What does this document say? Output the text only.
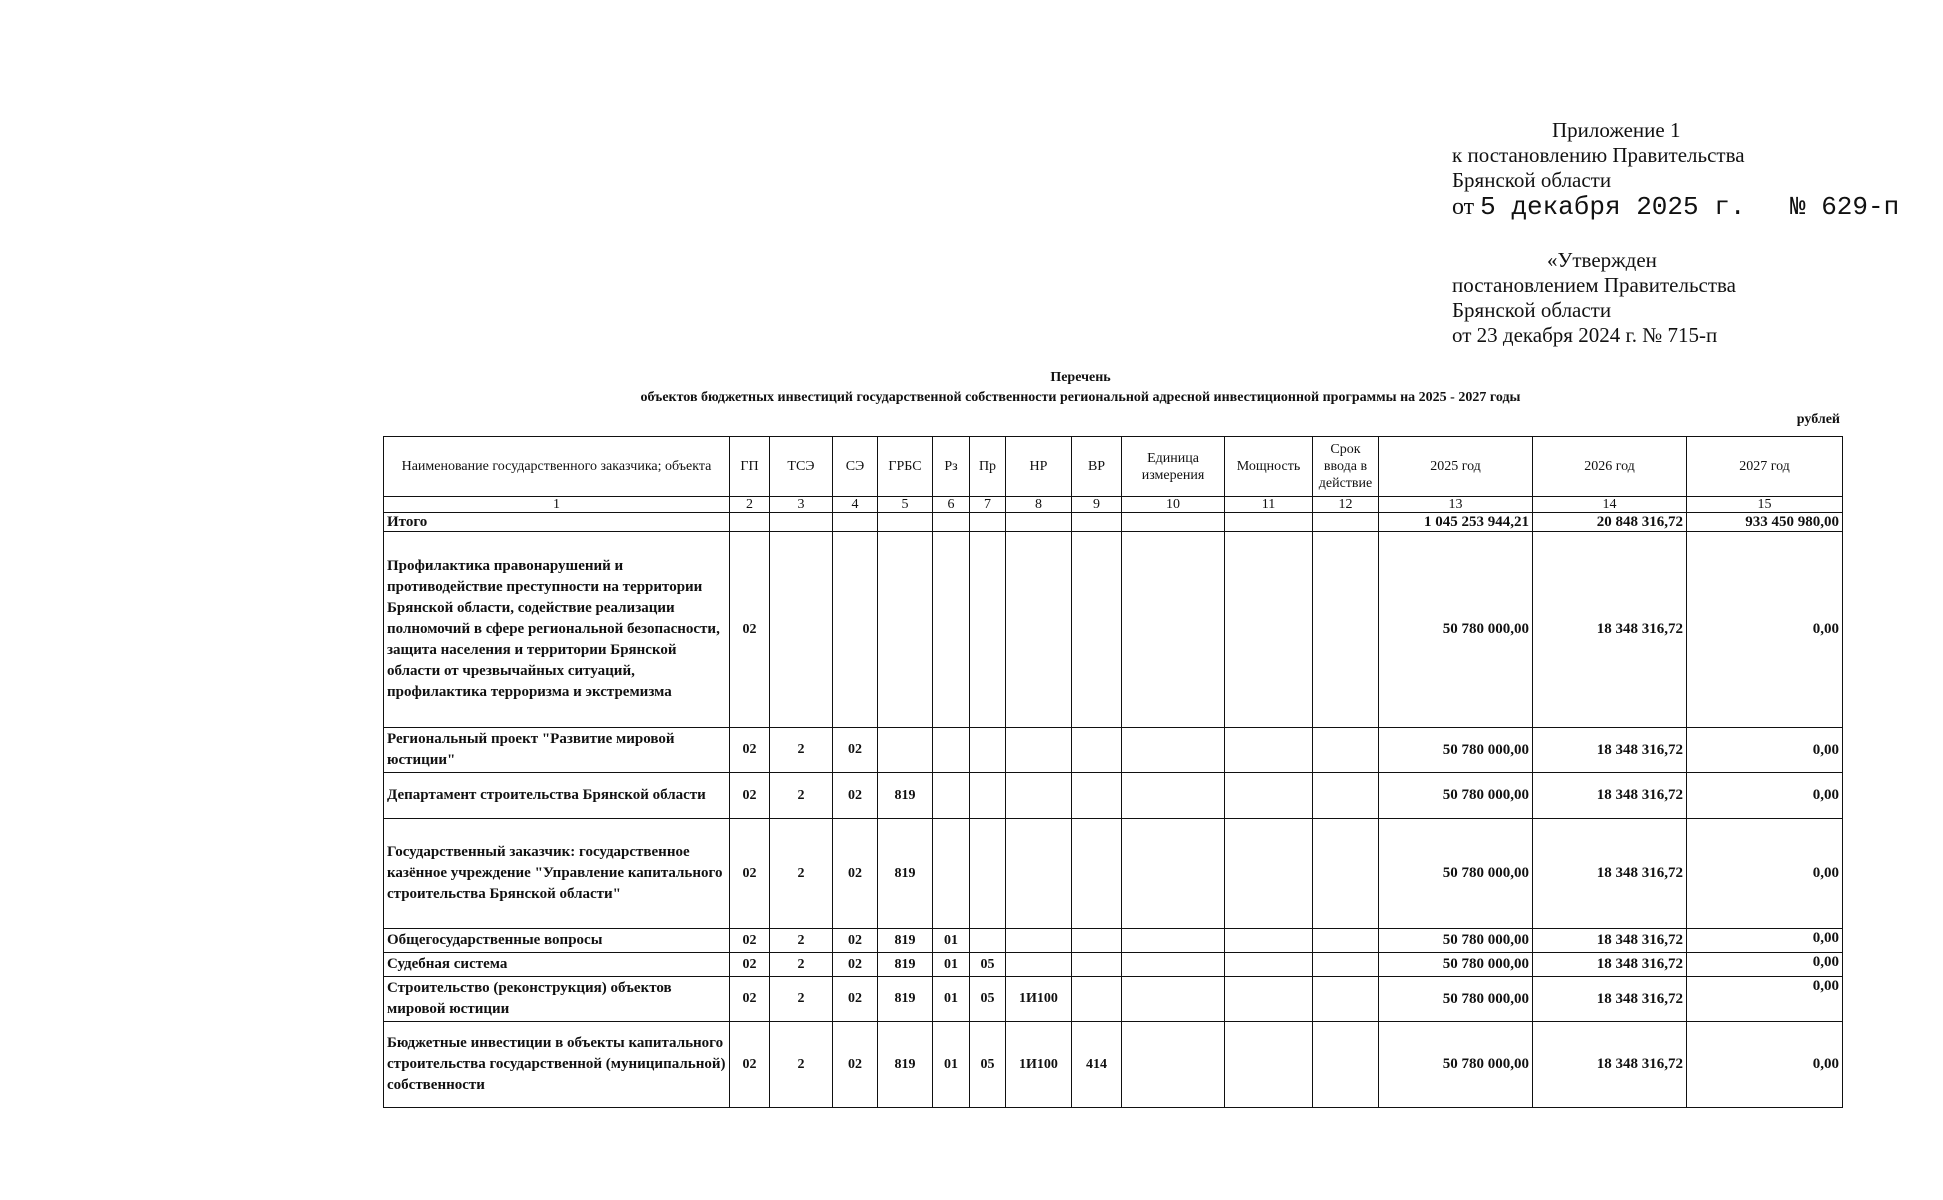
Приложение 1
к постановлению Правительства
Брянской области
от 5 декабря 2025 г. № 629-п
«Утвержден
постановлением Правительства
Брянской области
от 23 декабря 2024 г. № 715-п
Перечень
объектов бюджетных инвестиций государственной собственности региональной адресной инвестиционной программы на 2025 - 2027 годы
рублей
Наименование государственного заказчика; объекта	ГП	ТСЭ	СЭ	ГРБС	Рз	Пр	НР	ВР	Единица измерения	Мощность	Срок ввода в действие	2025 год	2026 год	2027 год
1	2	3	4	5	6	7	8	9	10	11	12	13	14	15
Итого												1 045 253 944,21	20 848 316,72	933 450 980,00
Профилактика правонарушений и противодействие преступности на территории Брянской области, содействие реализации полномочий в сфере региональной безопасности, защита населения и территории Брянской области от чрезвычайных ситуаций, профилактика терроризма и экстремизма	02											50 780 000,00	18 348 316,72	0,00
Региональный проект "Развитие мировой юстиции"	02	2	02									50 780 000,00	18 348 316,72	0,00
Департамент строительства Брянской области	02	2	02	819								50 780 000,00	18 348 316,72	0,00
Государственный заказчик: государственное казённое учреждение "Управление капитального строительства Брянской области"	02	2	02	819								50 780 000,00	18 348 316,72	0,00
Общегосударственные вопросы	02	2	02	819	01							50 780 000,00	18 348 316,72	0,00
Судебная система	02	2	02	819	01	05						50 780 000,00	18 348 316,72	0,00
Строительство (реконструкция) объектов мировой юстиции	02	2	02	819	01	05	1И100					50 780 000,00	18 348 316,72	0,00
Бюджетные инвестиции в объекты капитального строительства государственной (муниципальной) собственности	02	2	02	819	01	05	1И100	414				50 780 000,00	18 348 316,72	0,00
